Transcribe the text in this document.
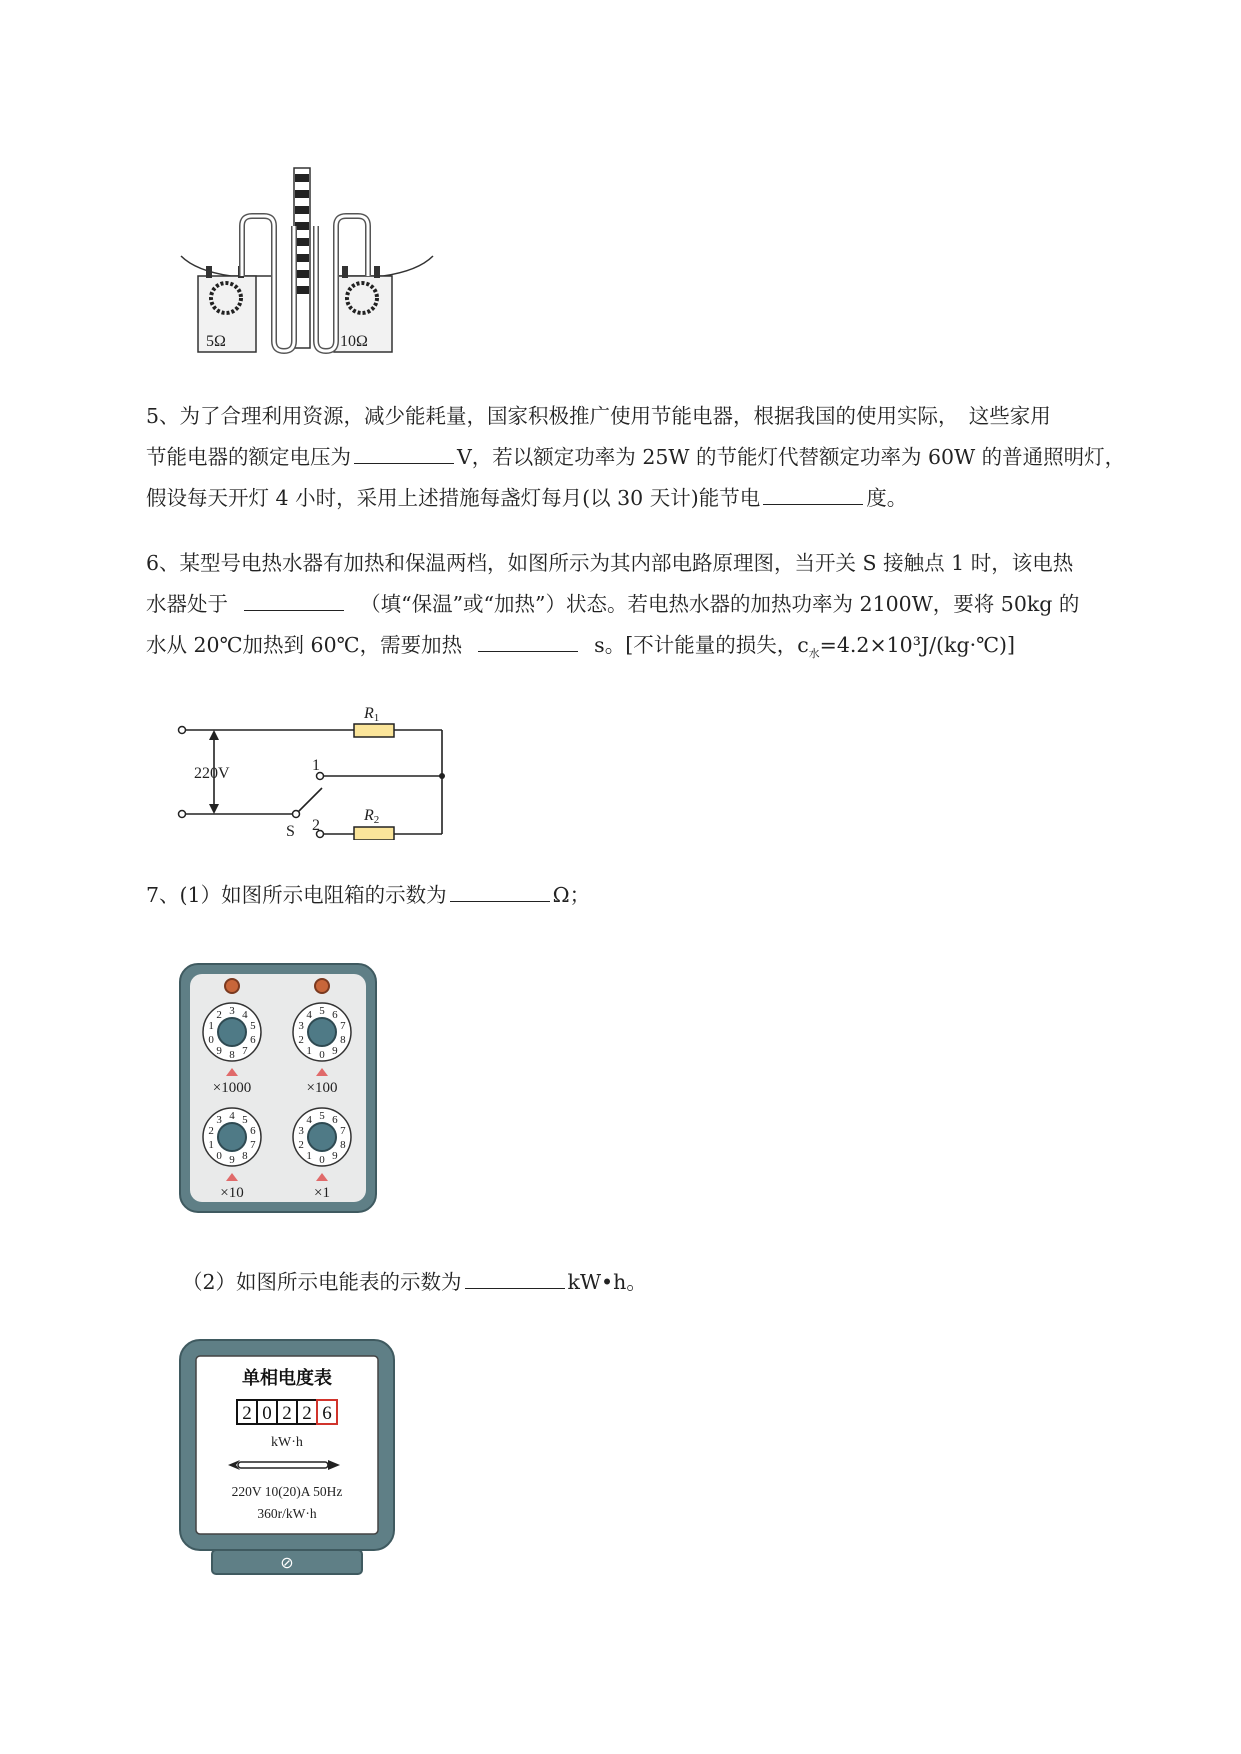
5Ω	10Ω
5、为了合理利用资源，减少能耗量，国家积极推广使用节能电器，根据我国的使用实际，　这些家用
节能电器的额定电压为	V，若以额定功率为 25W 的节能灯代替额定功率为 60W 的普通照明灯，
假设每天开灯 4 小时，采用上述措施每盏灯每月(以 30 天计)能节电	度。
6、某型号电热水器有加热和保温两档，如图所示为其内部电路原理图，当开关 S 接触点 1 时，该电热
水器处于	（填“保温”或“加热”）状态。若电热水器的加热功率为 2100W，要将 50kg 的
水从 20℃加热到 60℃，需要加热	s。[不计能量的损失，$c_水=4.2\times 10^3J/(kg\cdot℃)$]
220V
R1
R2
1
2
S
7、(1）如图所示电阻箱的示数为	Ω；
0
1
2 3 4
5
6
7
8
9	0
1
2
3
4 5 6
7
8
9
0
1
2
3 4 5
6
7
8
9	0
1
2
3
4 5 6
7
8
9
×1000	×100
×10	×1
（2）如图所示电能表的示数为	kW•h。
⊘
单相电度表
2 0 2 2 6
kW·h
220V 10(20)A 50Hz
360r/kW·h
